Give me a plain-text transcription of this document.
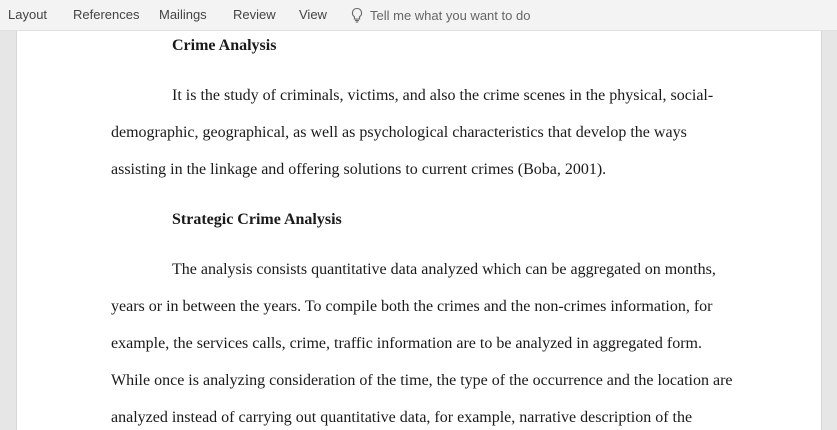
Layout References Mailings Review View	Tell me what you want to do
Crime Analysis
It is the study of criminals, victims, and also the crime scenes in the physical, social-
demographic, geographical, as well as psychological characteristics that develop the ways
assisting in the linkage and offering solutions to current crimes (Boba, 2001).
Strategic Crime Analysis
The analysis consists quantitative data analyzed which can be aggregated on months,
years or in between the years. To compile both the crimes and the non-crimes information, for
example, the services calls, crime, traffic information are to be analyzed in aggregated form.
While once is analyzing consideration of the time, the type of the occurrence and the location are
analyzed instead of carrying out quantitative data, for example, narrative description of the
